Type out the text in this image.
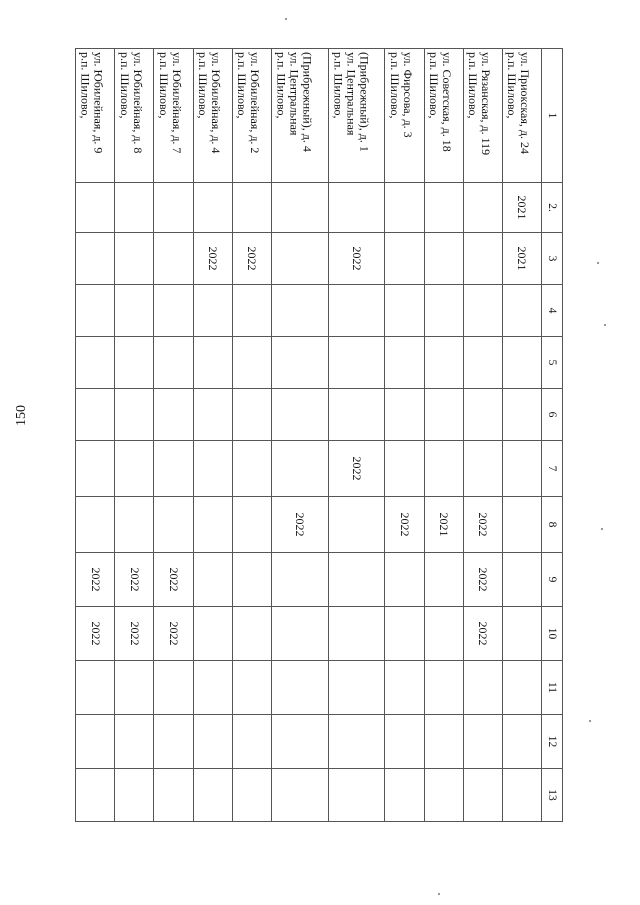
150
1	2.	3	4	5	6	7	8	9	10	11	12	13

р.п. Шилово, ул. Приокская, д. 24	2021	2021										

р.п. Шилово, ул. Рязанская, д. 119							2022	2022	2022			

р.п. Шилово, ул. Советская, д. 18							2021					

р.п. Шилово, ул. Фирсова, д. 3							2022					

р.п. Шилово, ул. Центральная (Прибрежный), д. 1		2022				2022						

р.п. Шилово, ул. Центральная (Прибрежный), д. 4							2022					

р.п. Шилово, ул. Юбилейная, д. 2		2022										

р.п. Шилово, ул. Юбилейная, д. 4		2022										

р.п. Шилово, ул. Юбилейная, д. 7								2022	2022			

р.п. Шилово, ул. Юбилейная, д. 8								2022	2022			

р.п. Шилово, ул. Юбилейная, д. 9								2022	2022			
